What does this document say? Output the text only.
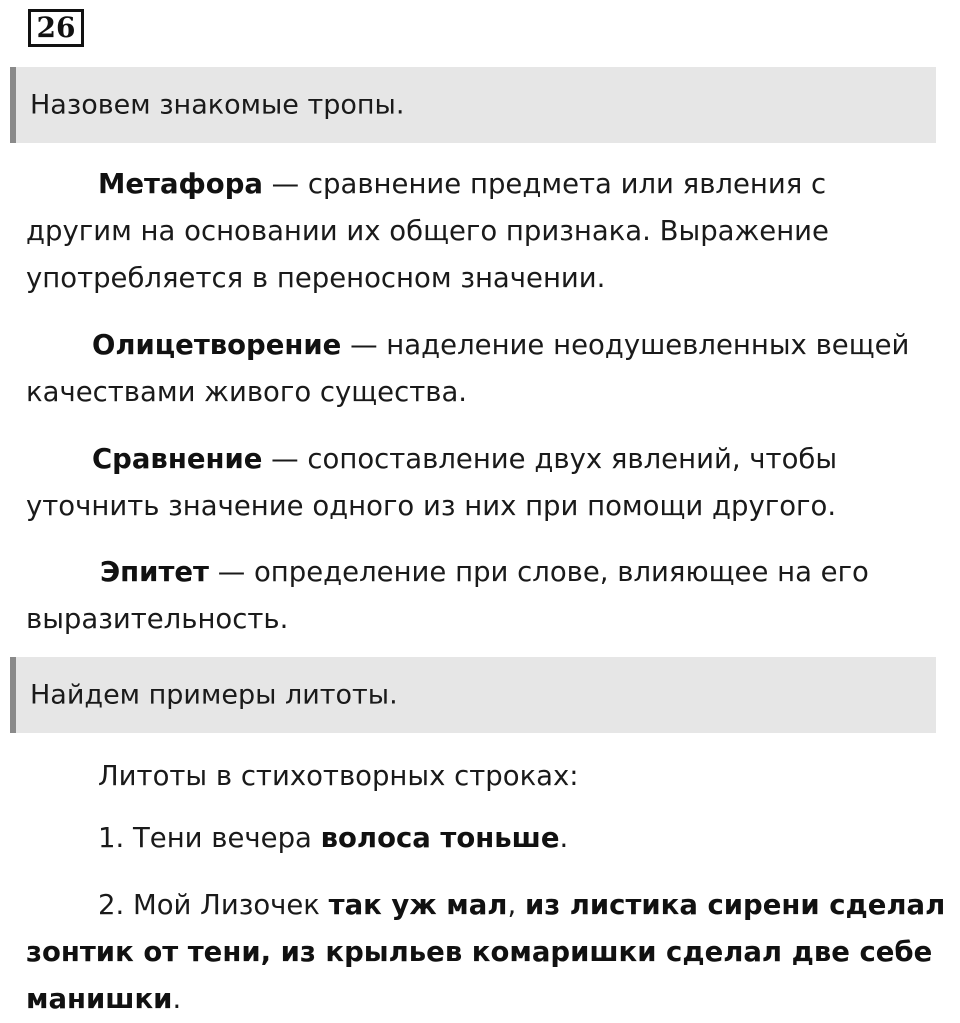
26
Назовем знакомые тропы.
Метафора — сравнение предмета или явления с
другим на основании их общего признака. Выражение
употребляется в переносном значении.
Олицетворение — наделение неодушевленных вещей
качествами живого существа.
Сравнение — сопоставление двух явлений, чтобы
уточнить значение одного из них при помощи другого.
Эпитет — определение при слове, влияющее на его
выразительность.
Найдем примеры литоты.
Литоты в стихотворных строках:
1. Тени вечера волоса тоньше.
2. Мой Лизочек так уж мал, из листика сирени сделал
зонтик от тени, из крыльев комаришки сделал две себе
манишки.
